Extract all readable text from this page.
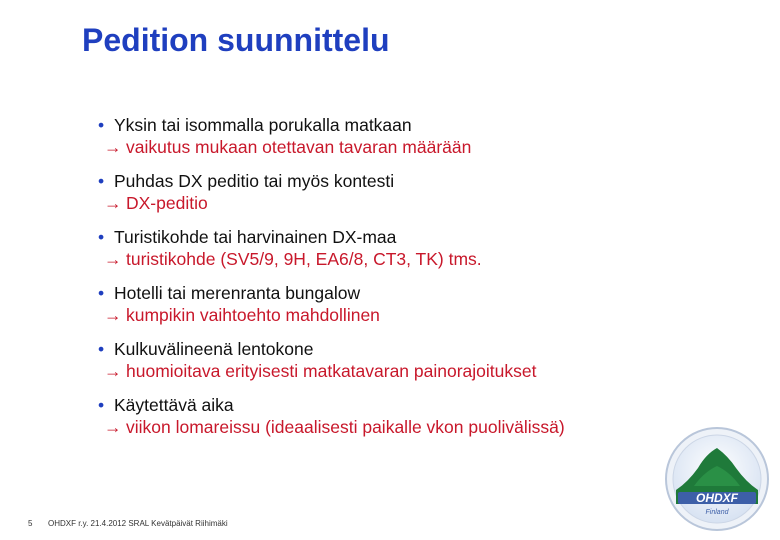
Pedition suunnittelu
• Yksin tai isommalla porukalla matkaan
→ vaikutus mukaan otettavan tavaran määrään
• Puhdas DX peditio tai myös kontesti
→ DX-peditio
• Turistikohde tai harvinainen DX-maa
→ turistikohde (SV5/9, 9H, EA6/8, CT3, TK) tms.
• Hotelli tai merenranta bungalow
→ kumpikin vaihtoehto mahdollinen
• Kulkuvälineenä lentokone
→ huomioitava erityisesti matkatavaran painorajoitukset
• Käytettävä aika
→ viikon lomareissu (ideaalisesti paikalle vkon puolivälissä)
OHDXF
Finland
5 OHDXF r.y. 21.4.2012 SRAL Kevätpäivät Riihimäki
